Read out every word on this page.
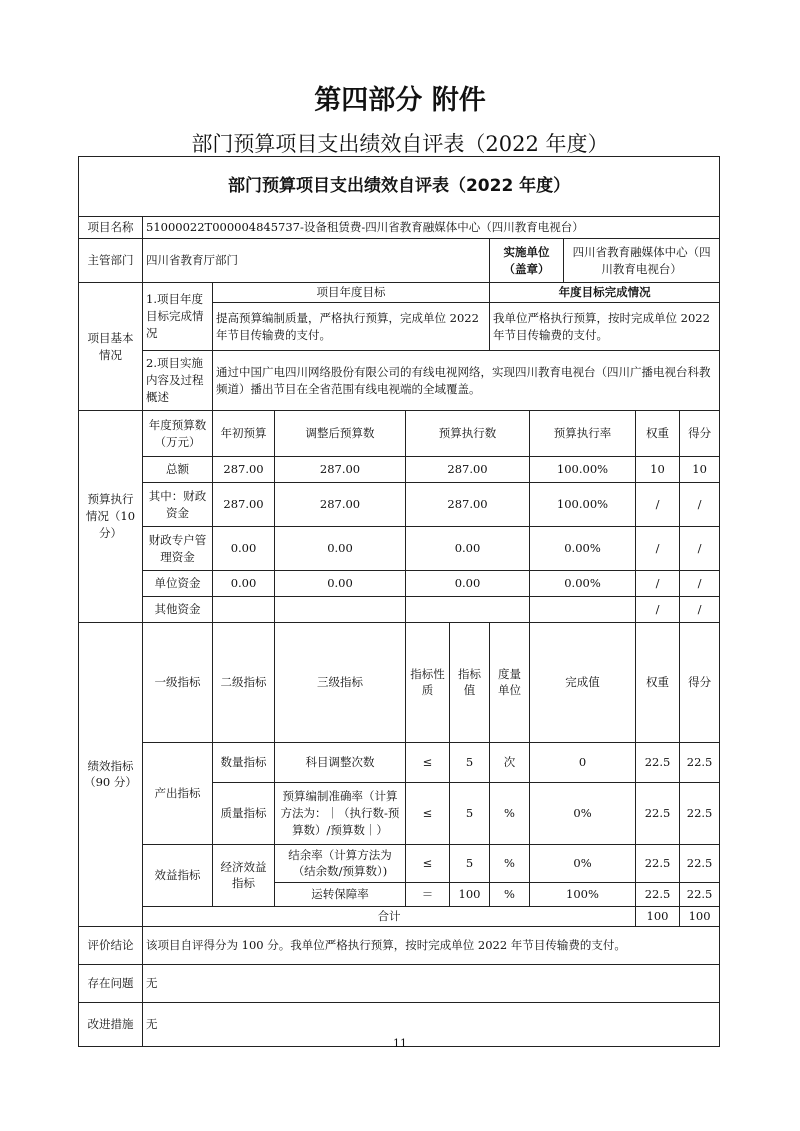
第四部分 附件
部门预算项目支出绩效自评表（2022 年度）
部门预算项目支出绩效自评表（2022 年度）											
项目名称	51000022T000004845737-设备租赁费-四川省教育融媒体中心（四川教育电视台）										
主管部门	四川省教育厅部门					实施单位（盖章）		四川省教育融媒体中心（四川教育电视台）			
项目基本情况	1.项目年度目标完成情况	项目年度目标				年度目标完成情况					
		提高预算编制质量，严格执行预算，完成单位 2022 年节目传输费的支付。				我单位严格执行预算，按时完成单位 2022 年节目传输费的支付。					
	2.项目实施内容及过程概述	通过中国广电四川网络股份有限公司的有线电视网络，实现四川教育电视台（四川广播电视台科教频道）播出节目在全省范围有线电视端的全域覆盖。									

预算执行情况（10分）	年度预算数（万元）	年初预算	调整后预算数	预算执行数			预算执行率		权重	得分	
	总额	287.00	287.00	287.00			100.00%		10	10	
	其中：财政资金	287.00	287.00	287.00			100.00%		/	/	
	财政专户管理资金	0.00	0.00	0.00			0.00%		/	/	
	单位资金	0.00	0.00	0.00			0.00%		/	/	
	其他资金								/	/	
绩效指标（90 分）	一级指标	二级指标	三级指标	指标性质	指标值	度量单位	完成值		权重	得分	
	产出指标	数量指标	科目调整次数	≤	5	次	0		22.5	22.5	
		质量指标	预算编制准确率（计算方法为：｜（执行数-预算数）/预算数｜）	≤	5	%	0%		22.5	22.5	
	效益指标	经济效益指标	结余率（计算方法为（结余数/预算数）)	≤	5	%	0%		22.5	22.5	
			运转保障率	＝	100	%	100%		22.5	22.5	
	合计								100	100	

评价结论	该项目自评得分为 100 分。我单位严格执行预算，按时完成单位 2022 年节目传输费的支付。										
存在问题	无										
改进措施	无										
11
